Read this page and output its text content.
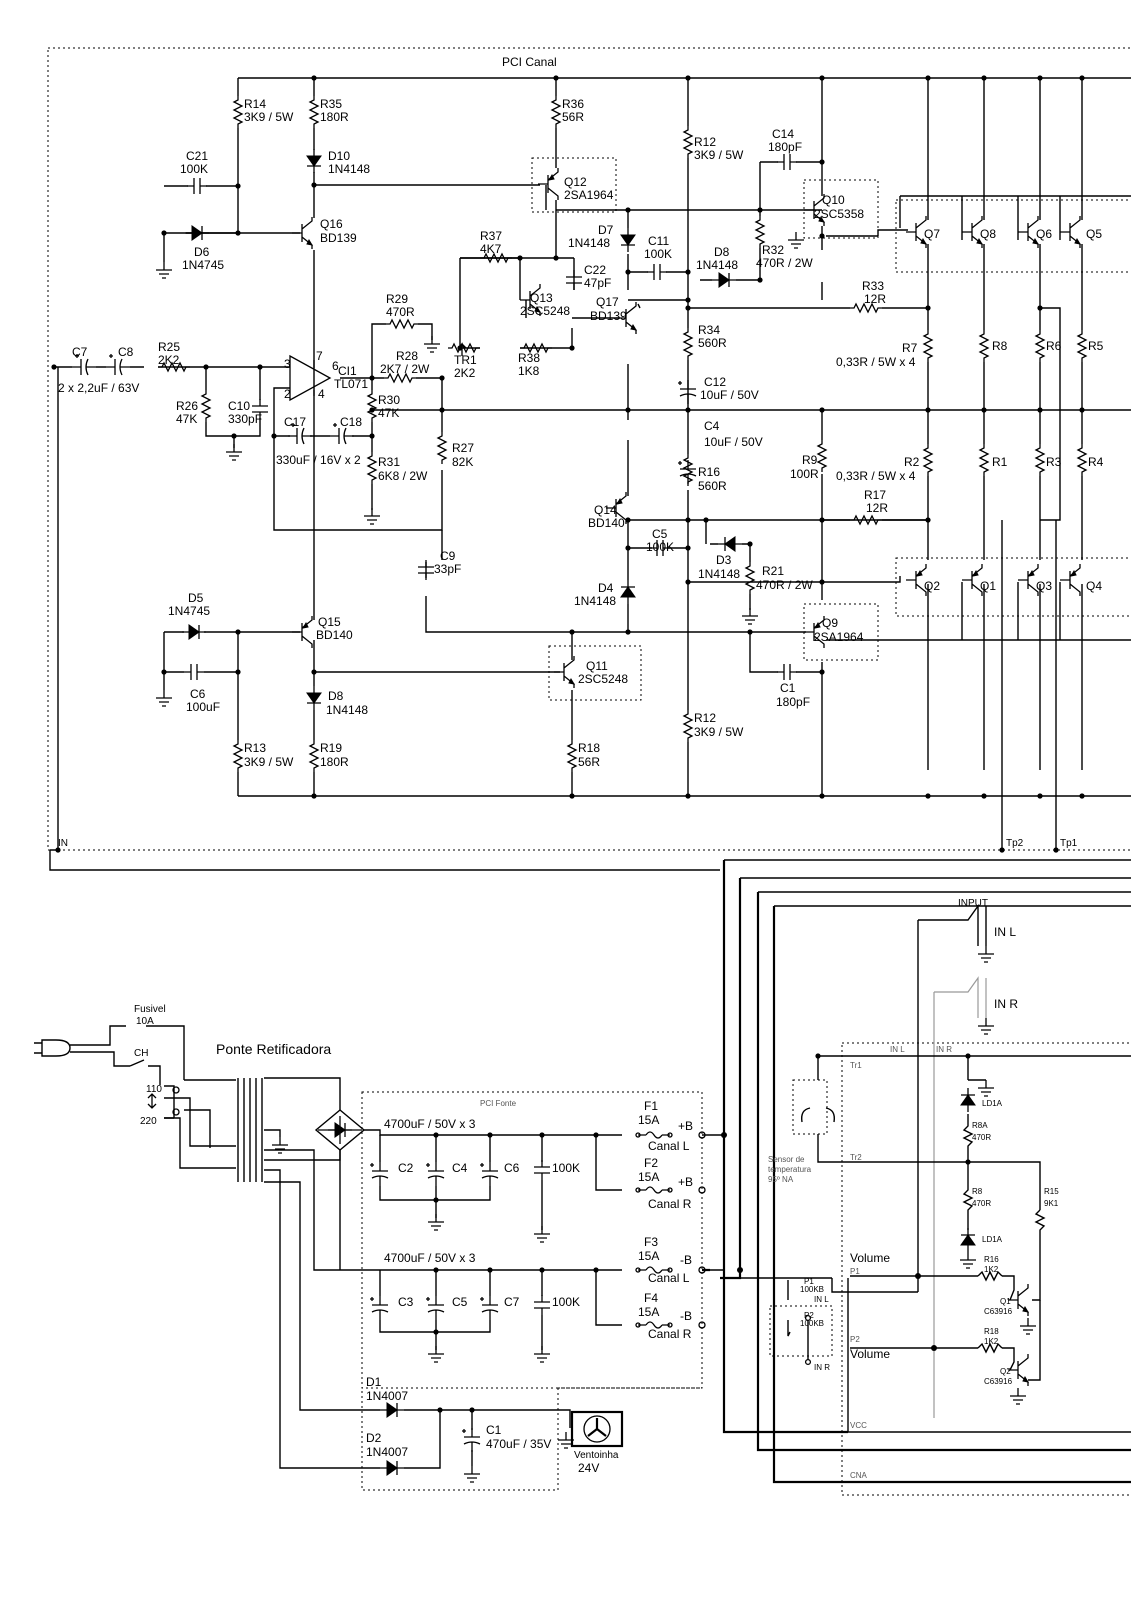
PCI Canal
IN
R14
3K9 / 5W
R35
180R
D10
1N4148
C21
100K
D6
1N4745
Q16
BD139
R36
56R
Q12
2SA1964
R12
3K9 / 5W
C14
180pF
Q10
2SC5358
Q7	Q8	Q6	Q5
D7
1N4148	C11
100K	D8
1N4148
R32
470R / 2W
R37
4K7
C22
47pF
Q13
2SC5248
Q17
BD139
R33
12R
R29
470R
R34
560R	R7
0,33R / 5W x 4
R8	R6 R5
C7	C8
2 x 2,2uF / 63V
R25
2K2	TR1
2K2
R38
1K8
CI1
TL071
R28
2K7 / 2W
3
2
7
6
4
C12
10uF / 50V
R26
47K
C10
330pF
R30
47K
C4
10uF / 50V
C17	C18
330uF / 16V x 2
R27
82K	R9
100R
R2
0,33R / 5W x 4
R1	R3 R4
R31
6K8 / 2W	R16
560R
R17
12R
Q14
BD140
C5
100K
D3
1N4148
C9
33pF
D4
1N4148
R21
470R / 2W	Q2	Q1	Q3	Q4
D5
1N4745
Q15
BD140
Q9
2SA1964
Q11
2SC5248
C6
100uF
C1
180pF
D8
1N4148
R13
3K9 / 5W
R19
180R
R18
56R
R12
3K9 / 5W
Tp1
Tp2
Fusivel
10A
CH
110
220
Ponte Retificadora
PCI Fonte
4700uF / 50V x 3
C2	C4	C6	100K
4700uF / 50V x 3
C3	C5	C7	100K
F1
15A +B
Canal L
F2
15A +B
Canal R
F3
15A -B
Canal L
F4
15A -B
Canal R
D1
1N4007
D2
1N4007
C1
470uF / 35V
Ventoinha
24V
INPUT
IN L
IN R
IN L	IN R
Tr1
Tr2
Sensor de
temperatura
95º NA
LD1A
R8A
470R
R8
470R
LD1A
R15
9K1
Volume
P1
P2
Volume
P1
100KB
IN L
P2
100KB
IN R
R16
1K2
R18
1K2
Q1
C63916
Q2
C63916
VCC
CNA
